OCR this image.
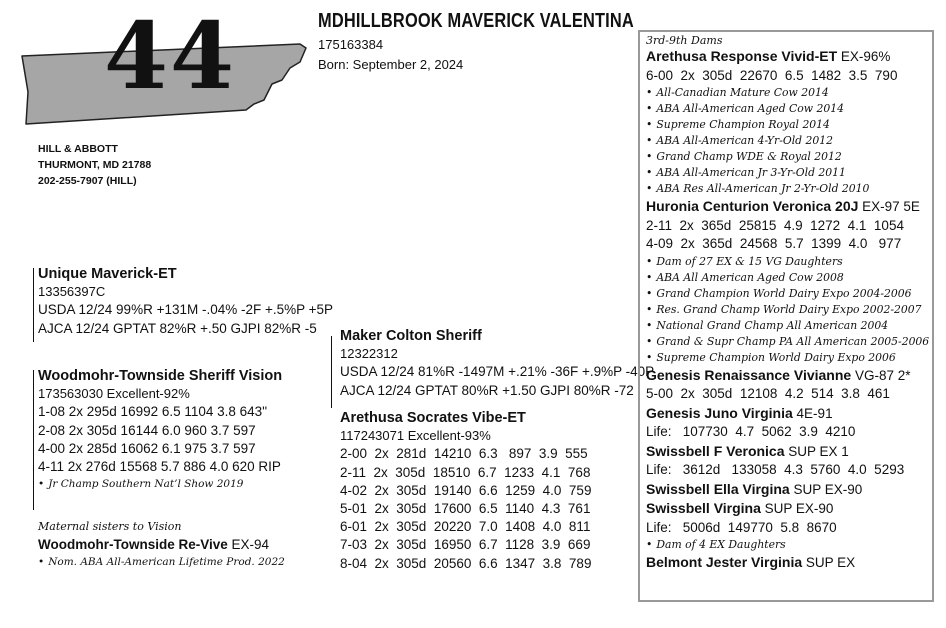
44	MDHILLBROOK MAVERICK VALENTINA
175163384
Born: September 2, 2024
HILL & ABBOTT
THURMONT, MD 21788
202-255-7907 (HILL)
Unique Maverick-ET
13356397C
USDA 12/24 99%R +131M -.04% -2F +.5%P +5P
AJCA 12/24 GPTAT 82%R +.50 GJPI 82%R -5
Woodmohr-Townside Sheriff Vision
173563030 Excellent-92%
1-08 2x 295d 16992 6.5 1104 3.8 643"
2-08 2x 305d 16144 6.0 960 3.7 597
4-00 2x 285d 16062 6.1 975 3.7 597
4-11 2x 276d 15568 5.7 886 4.0 620 RIP
• Jr Champ Southern Nat’l Show 2019
Maternal sisters to Vision
Woodmohr-Townside Re-Vive EX-94
• Nom. ABA All-American Lifetime Prod. 2022
Maker Colton Sheriff
12322312
USDA 12/24 81%R -1497M +.21% -36F +.9%P -40P
AJCA 12/24 GPTAT 80%R +1.50 GJPI 80%R -72
Arethusa Socrates Vibe-ET
117243071 Excellent-93%
2-00  2x  281d  14210  6.3   897  3.9  555
2-11  2x  305d  18510  6.7  1233  4.1  768
4-02  2x  305d  19140  6.6  1259  4.0  759
5-01  2x  305d  17600  6.5  1140  4.3  761
6-01  2x  305d  20220  7.0  1408  4.0  811
7-03  2x  305d  16950  6.7  1128  3.9  669
8-04  2x  305d  20560  6.6  1347  3.8  789
3rd-9th Dams
Arethusa Response Vivid-ET EX-96%
6-00  2x  305d  22670  6.5  1482  3.5  790
• All-Canadian Mature Cow 2014
• ABA All-American Aged Cow 2014
• Supreme Champion Royal 2014
• ABA All-American 4-Yr-Old 2012
• Grand Champ WDE & Royal 2012
• ABA All-American Jr 3-Yr-Old 2011
• ABA Res All-American Jr 2-Yr-Old 2010
Huronia Centurion Veronica 20J EX-97 5E
2-11  2x  365d  25815  4.9  1272  4.1  1054
4-09  2x  365d  24568  5.7  1399  4.0   977
• Dam of 27 EX & 15 VG Daughters
• ABA All American Aged Cow 2008
• Grand Champion World Dairy Expo 2004-2006
• Res. Grand Champ World Dairy Expo 2002-2007
• National Grand Champ All American 2004
• Grand & Supr Champ PA All American 2005-2006
• Supreme Champion World Dairy Expo 2006
Genesis Renaissance Vivianne VG-87 2*
5-00  2x  305d  12108  4.2  514  3.8  461
Genesis Juno Virginia 4E-91
Life:   107730  4.7  5062  3.9  4210
Swissbell F Veronica SUP EX 1
Life:   3612d   133058  4.3  5760  4.0  5293
Swissbell Ella Virgina SUP EX-90
Swissbell Virgina SUP EX-90
Life:   5006d  149770  5.8  8670
• Dam of 4 EX Daughters
Belmont Jester Virginia SUP EX
